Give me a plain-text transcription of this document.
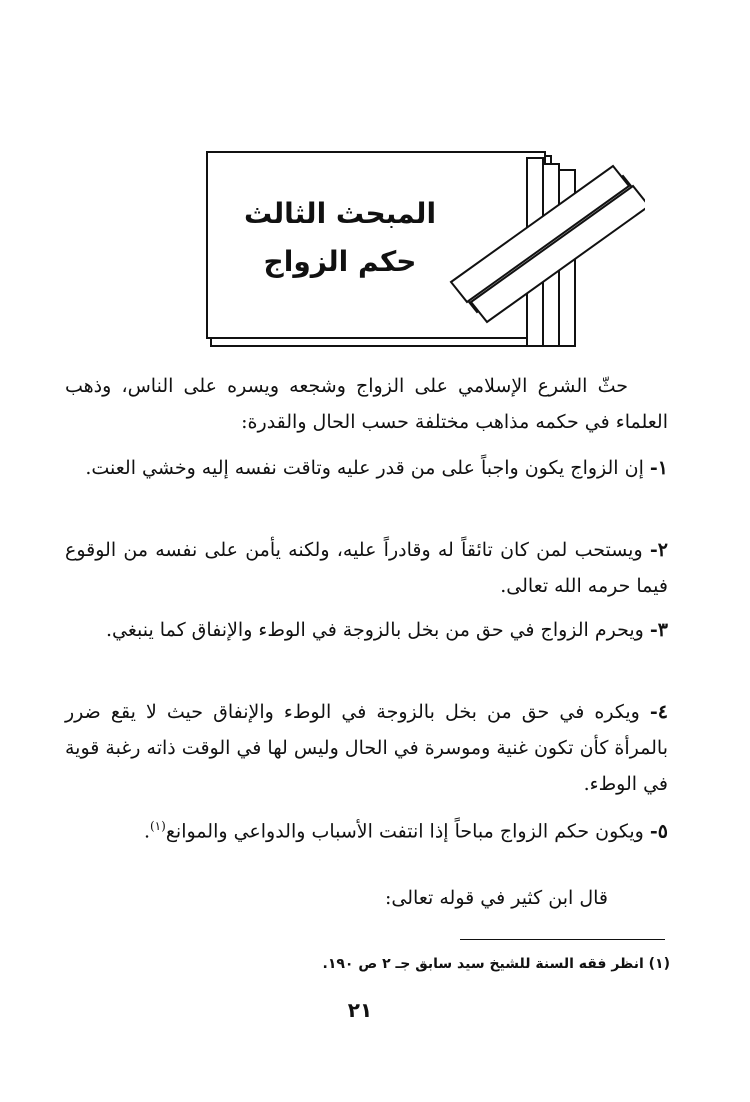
المبحث الثالث
حكم الزواج

حثّ الشرع الإسلامي على الزواج وشجعه ويسره على الناس، وذهب العلماء في حكمه مذاهب مختلفة حسب الحال والقدرة:

١- إن الزواج يكون واجباً على من قدر عليه وتاقت نفسه إليه وخشي العنت.

٢- ويستحب لمن كان تائقاً له وقادراً عليه، ولكنه يأمن على نفسه من الوقوع فيما حرمه الله تعالى.

٣- ويحرم الزواج في حق من بخل بالزوجة في الوطء والإنفاق كما ينبغي.

٤- ويكره في حق من بخل بالزوجة في الوطء والإنفاق حيث لا يقع ضرر بالمرأة كأن تكون غنية وموسرة في الحال وليس لها في الوقت ذاته رغبة قوية في الوطء.

٥- ويكون حكم الزواج مباحاً إذا انتفت الأسباب والدواعي والموانع$^{(١)}$.

قال ابن كثير في قوله تعالى:

(١) انظر فقه السنة للشيخ سيد سابق جـ ٢ ص ١٩٠.
٢١
